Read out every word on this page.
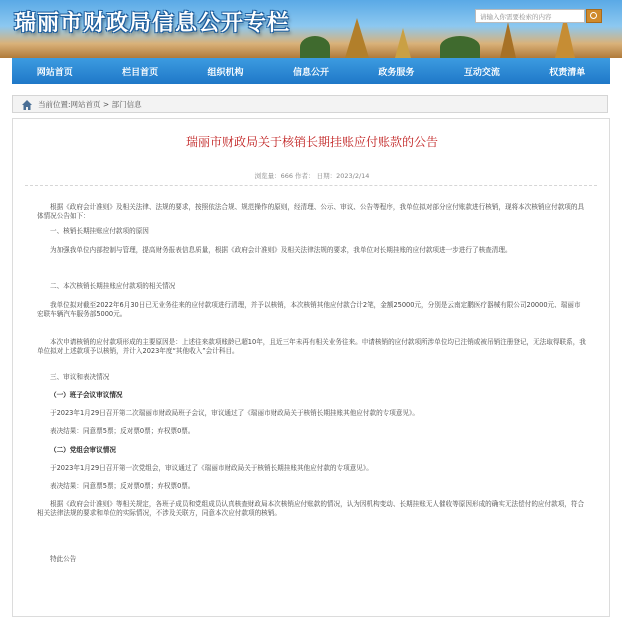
瑞丽市财政局信息公开专栏	请输入你需要检索的内容
网站首页	栏目首页	组织机构	信息公开	政务服务	互动交流	权责清单
当前位置:网站首页 > 部门信息
瑞丽市财政局关于核销长期挂账应付账款的公告
浏览量：666 作者： 日期：2023/2/14

根据《政府会计准则》及相关法律、法规的要求，按照依法合规、规范操作的原则，经清理、公示、审议、公告等程序，我单位拟对部分应付账款进行核销，现将本次核销应付款项的具体情况公告如下：

一、核销长期挂账应付款项的原因

为加强我单位内部控制与管理，提高财务报表信息质量，根据《政府会计准则》及相关法律法规的要求，我单位对长期挂账的应付款项进一步进行了核查清理。

二、本次核销长期挂账应付款项的相关情况

我单位拟对截至2022年6月30日已无业务往来的应付款项进行清理，并予以核销，本次核销其他应付款合计2笔，金额25000元，分别是云南定鹏医疗器械有限公司20000元、瑞丽市宏联车辆汽车服务部5000元。

本次申请核销的应付款项形成的主要原因是：上述往来款项账龄已超10年，且近三年未再有相关业务往来。申请核销的应付款项所涉单位均已注销或被吊销注册登记，无法取得联系，我单位拟对上述款项予以核销，并计入2023年度“其他收入”会计科目。

三、审议和表决情况

（一）班子会议审议情况

于2023年1月29日召开第二次瑞丽市财政局班子会议，审议通过了《瑞丽市财政局关于核销长期挂账其他应付款的专项意见》。

表决结果：同意票5票；反对票0票；弃权票0票。

（二）党组会审议情况

于2023年1月29日召开第一次党组会，审议通过了《瑞丽市财政局关于核销长期挂账其他应付款的专项意见》。

表决结果：同意票5票；反对票0票；弃权票0票。

根据《政府会计准则》等相关规定，各班子成员和党组成员认真核查财政局本次核销应付账款的情况，认为因机构变动、长期挂账无人催收等原因形成的确实无法偿付的应付款项，符合相关法律法规的要求和单位的实际情况，不涉及关联方，同意本次应付款项的核销。

特此公告
